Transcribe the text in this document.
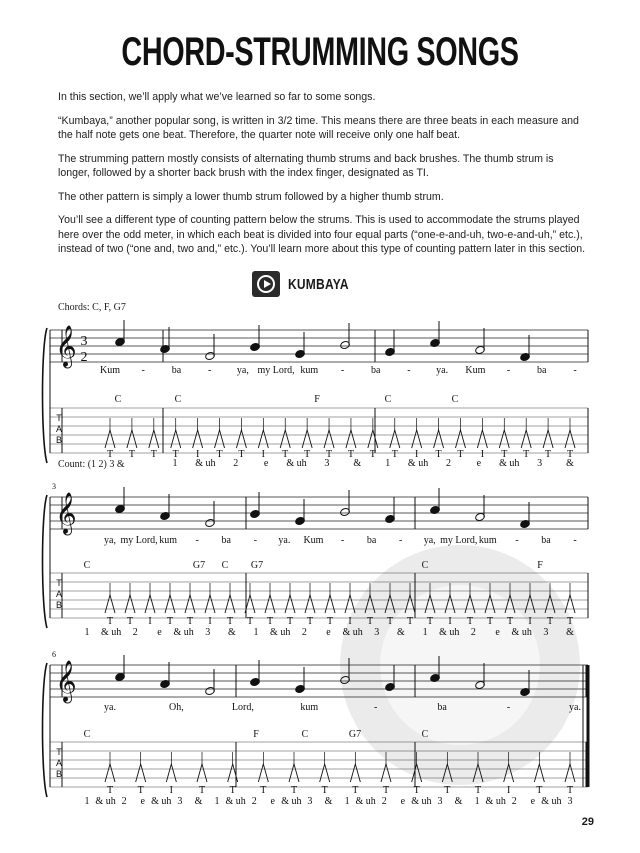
CHORD-STRUMMING SONGS

In this section, we’ll apply what we’ve learned so far to some songs.

“Kumbaya,” another popular song, is written in 3/2 time. This means there are three beats in each measure and the half note gets one beat. Therefore, the quarter note will receive only one half beat.

The strumming pattern mostly consists of alternating thumb strums and back brushes. The thumb strum is longer, followed by a shorter back brush with the index finger, designated as TI.

The other pattern is simply a lower thumb strum followed by a higher thumb strum.

You’ll see a different type of counting pattern below the strums. This is used to accommodate the strums played here over the odd meter, in which each beat is divided into four equal parts (“one-e-and-uh, two-e-and-uh,” etc.), instead of two (“one and, two and,” etc.). You’ll learn more about this type of counting pattern later in this section.

KUMBAYA
Chords: C, F, G7
𝄞 3
2
T
A
B
Kum -	ba	-	ya, my Lord, kum -	ba	-	ya. Kum -	ba	-
C	C	F	C	C
T T T T I T T I T T T T T T I T T I T T T T
1 & uh 2	e & uh 3 & 1 & uh 2	e & uh 3 &
𝄞
T
A
B
3
ya, my Lord, kum - ba - ya. Kum - ba - ya, my Lord, kum - ba -
C	G7 C G7	C	F
T T I T T I T T T T T T I T T T T I T T T I T T
1 & uh 2 e & uh 3 & 1 & uh 2 e & uh 3 & 1 & uh 2 e & uh 3 &
𝄞
T
A
B
6
ya.	Oh,	Lord,	kum	-	ba	-	ya.
C	F	C	G7	C
T T	I	T T T T T T T T T T	I	T T
1 & uh 2 e & uh 3 & 1 & uh 2 e & uh 3 & 1 & uh 2 e & uh 3 & 1 & uh 2 e & uh 3
Count: (1 2) 3 &
29
